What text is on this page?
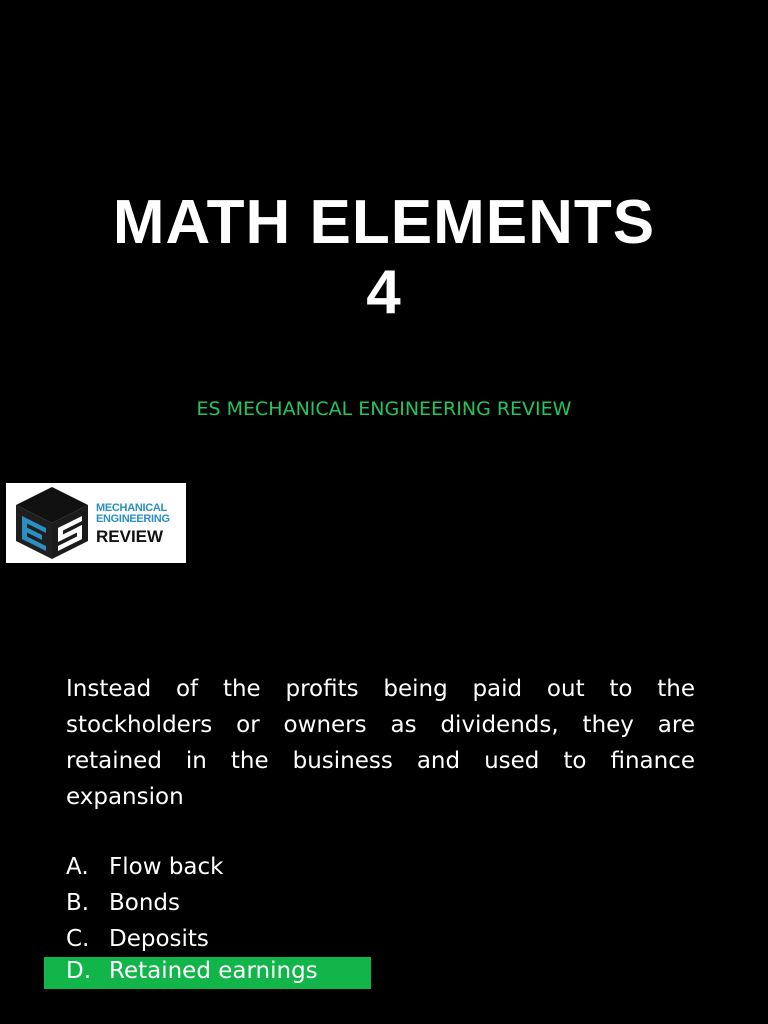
MATH ELEMENTS
4
ES MECHANICAL ENGINEERING REVIEW
MECHANICAL
ENGINEERING
REVIEW
Instead of the profits being paid out to the stockholders or owners as dividends, they are retained in the business and used to finance expansion
A. Flow back
B. Bonds
C. Deposits
D. Retained earnings
